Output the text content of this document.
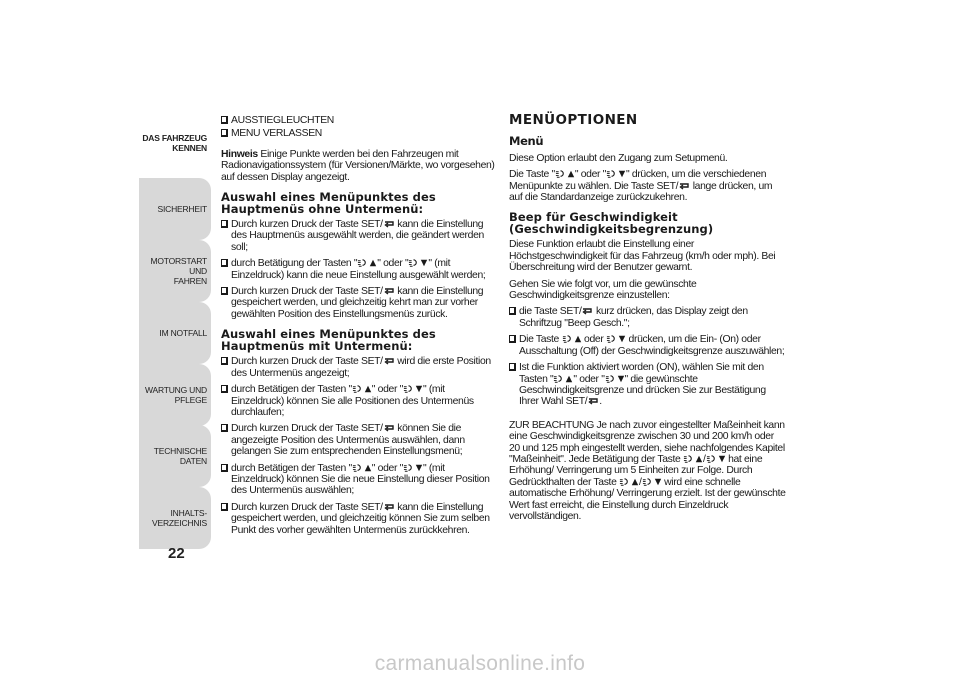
DAS FAHRZEUG
KENNEN
SICHERHEIT
MOTORSTART UND
FAHREN
IM NOTFALL
WARTUNG UND
PFLEGE
TECHNISCHE DATEN
INHALTS-
VERZEICHNIS
22
AUSSTIEGLEUCHTEN
MENU VERLASSEN

Hinweis Einige Punkte werden bei den Fahrzeugen mit Radionavigationssystem (für Versionen/Märkte, wo vorgesehen) auf dessen Display angezeigt.

Auswahl eines Menüpunktes des Hauptmenüs ohne Untermenü:
Durch kurzen Druck der Taste SET/
kann die Einstellung des Hauptmenüs ausgewählt werden, die geändert werden soll;
durch Betätigung der Tasten " " oder " " (mit Einzeldruck) kann die neue Einstellung ausgewählt werden;
Durch kurzen Druck der Taste SET/
kann die Einstellung gespeichert werden, und gleichzeitig kehrt man zur vorher gewählten Position des Einstellungsmenüs zurück.
Auswahl eines Menüpunktes des Hauptmenüs mit Untermenü:
Durch kurzen Druck der Taste SET/
wird die erste Position des Untermenüs angezeigt;
durch Betätigen der Tasten " " oder " " (mit Einzeldruck) können Sie alle Positionen des Untermenüs durchlaufen;
Durch kurzen Druck der Taste SET/
können Sie die angezeigte Position des Untermenüs auswählen, dann gelangen Sie zum entsprechenden Einstellungsmenü;
durch Betätigen der Tasten " " oder " " (mit Einzeldruck) können Sie die neue Einstellung dieser Position des Untermenüs auswählen;
Durch kurzen Druck der Taste SET/
kann die Einstellung gespeichert werden, und gleichzeitig können Sie zum selben Punkt des vorher gewählten Untermenüs zurückkehren.
MENÜOPTIONEN
Menü

Diese Option erlaubt den Zugang zum Setupmenü.

Die Taste " " oder " " drücken, um die verschiedenen Menüpunkte zu wählen. Die Taste SET/
lange drücken, um auf die Standardanzeige zurückzukehren.

Beep für Geschwindigkeit (Geschwindigkeitsbegrenzung)

Diese Funktion erlaubt die Einstellung einer Höchstgeschwindigkeit für das Fahrzeug (km/h oder mph). Bei Überschreitung wird der Benutzer gewarnt.

Gehen Sie wie folgt vor, um die gewünschte Geschwindigkeitsgrenze einzustellen:

die Taste SET/
kurz drücken, das Display zeigt den Schriftzug "Beep Gesch.";
Die Taste
oder
drücken, um die Ein- (On) oder Ausschaltung (Off) der Geschwindigkeitsgrenze auszuwählen;
Ist die Funktion aktiviert worden (ON), wählen Sie mit den Tasten " " oder " " die gewünschte Geschwindigkeitsgrenze und drücken Sie zur Bestätigung Ihrer Wahl SET/ .

ZUR BEACHTUNG Je nach zuvor eingestellter Maßeinheit kann eine Geschwindigkeitsgrenze zwischen 30 und 200 km/h oder 20 und 125 mph eingestellt werden, siehe nachfolgendes Kapitel "Maßeinheit". Jede Betätigung der Taste
/
hat eine Erhöhung/ Verringerung um 5 Einheiten zur Folge. Durch Gedrückthalten der Taste
/
wird eine schnelle automatische Erhöhung/ Verringerung erzielt. Ist der gewünschte Wert fast erreicht, die Einstellung durch Einzeldruck vervollständigen.

carmanualsonline.info
